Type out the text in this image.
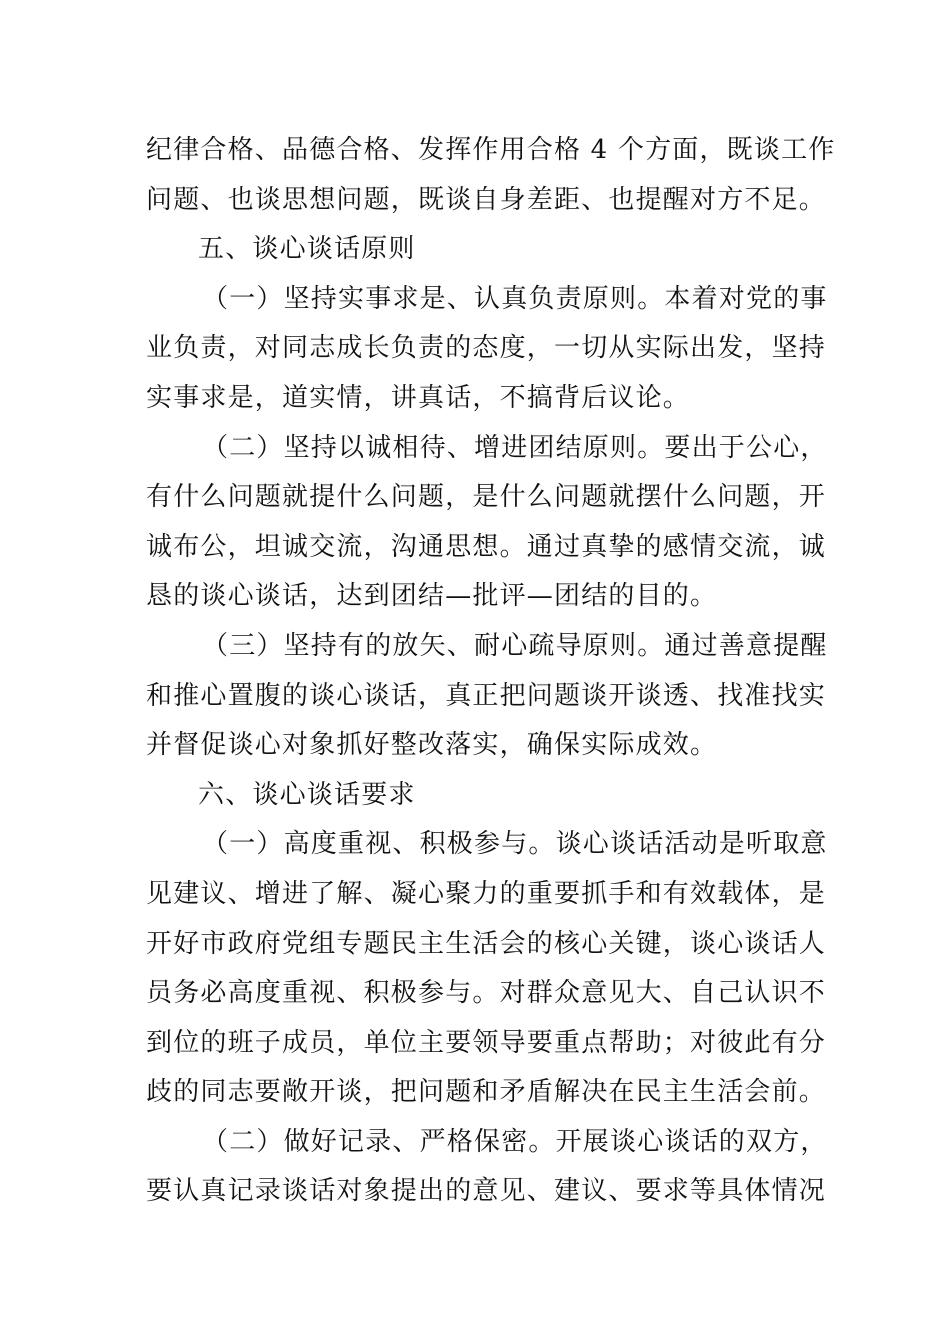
纪律合格、品德合格、发挥作用合格 4 个方面，既谈工作
问题、也谈思想问题，既谈自身差距、也提醒对方不足。
五、谈心谈话原则
（一）坚持实事求是、认真负责原则。本着对党的事
业负责，对同志成长负责的态度，一切从实际出发，坚持
实事求是，道实情，讲真话，不搞背后议论。
（二）坚持以诚相待、增进团结原则。要出于公心，
有什么问题就提什么问题，是什么问题就摆什么问题，开
诚布公，坦诚交流，沟通思想。通过真挚的感情交流，诚
恳的谈心谈话，达到团结—批评—团结的目的。
（三）坚持有的放矢、耐心疏导原则。通过善意提醒
和推心置腹的谈心谈话，真正把问题谈开谈透、找准找实
并督促谈心对象抓好整改落实，确保实际成效。
六、谈心谈话要求
（一）高度重视、积极参与。谈心谈话活动是听取意
见建议、增进了解、凝心聚力的重要抓手和有效载体，是
开好市政府党组专题民主生活会的核心关键，谈心谈话人
员务必高度重视、积极参与。对群众意见大、自己认识不
到位的班子成员，单位主要领导要重点帮助；对彼此有分
歧的同志要敞开谈，把问题和矛盾解决在民主生活会前。
（二）做好记录、严格保密。开展谈心谈话的双方，
要认真记录谈话对象提出的意见、建议、要求等具体情况
